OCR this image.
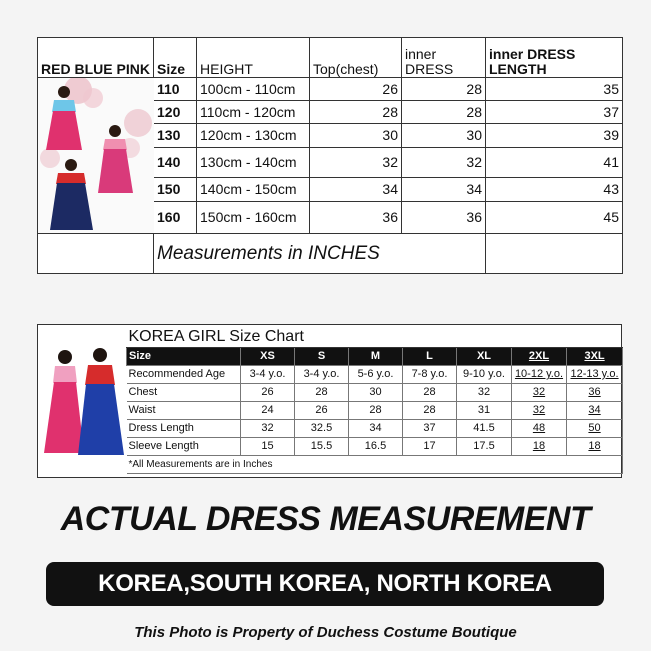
RED BLUE PINK	Size	HEIGHT	Top(chest)	inner DRESS	inner DRESS LENGTH

	110	100cm - 110cm	26	28	35
	120	110cm - 120cm	28	28	37
	130	120cm - 130cm	30	30	39
	140	130cm - 140cm	32	32	41
	150	140cm - 150cm	34	34	43
	160	150cm - 160cm	36	36	45
	Measurements in INCHES				
KOREA GIRL Size Chart							
Size	XS	S	M	L	XL	2XL	3XL
Recommended Age	3-4 y.o.	3-4 y.o.	5-6 y.o.	7-8 y.o.	9-10 y.o.	10-12 y.o.	12-13 y.o.
Chest	26	28	30	28	32	32	36
Waist	24	26	28	28	31	32	34
Dress Length	32	32.5	34	37	41.5	48	50
Sleeve Length	15	15.5	16.5	17	17.5	18	18
*All Measurements are in Inches							
ACTUAL DRESS MEASUREMENT
KOREA,SOUTH KOREA, NORTH KOREA
This Photo is Property of Duchess Costume Boutique
